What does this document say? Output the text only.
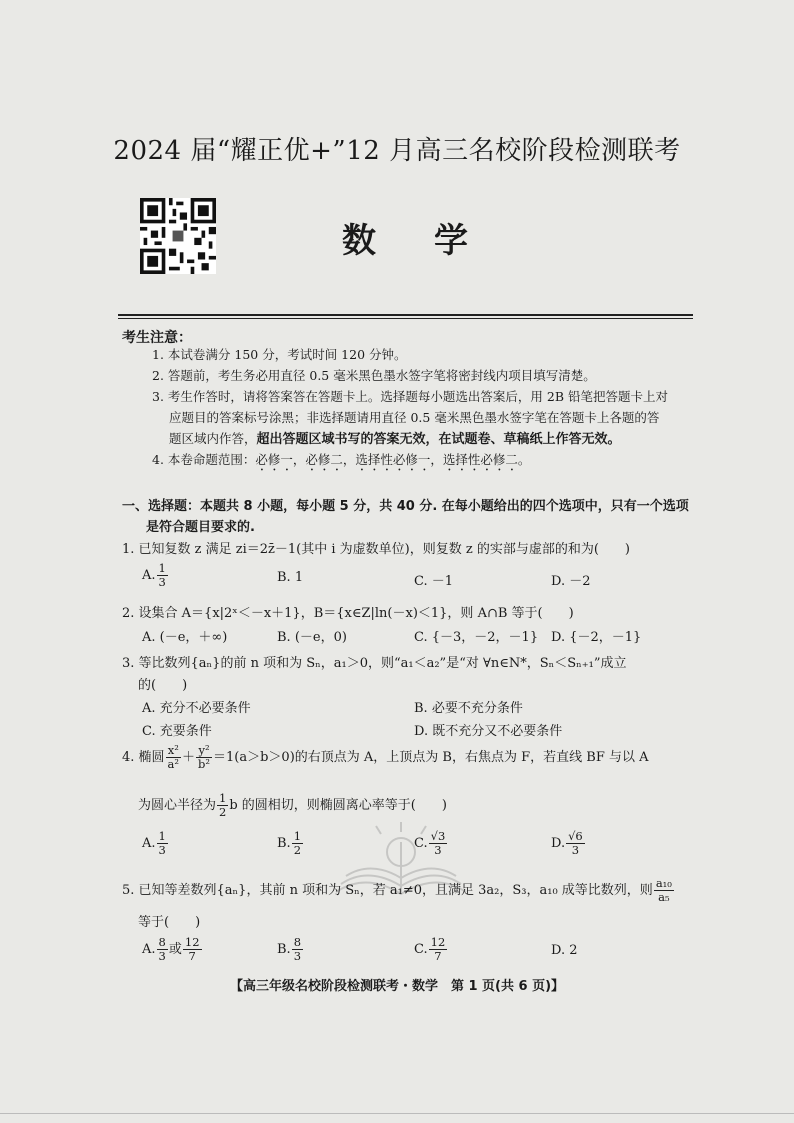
2024 届“耀正优+”12 月高三名校阶段检测联考
数学
考生注意：
1. 本试卷满分 150 分，考试时间 120 分钟。
2. 答题前，考生务必用直径 0.5 毫米黑色墨水签字笔将密封线内项目填写清楚。
3. 考生作答时，请将答案答在答题卡上。选择题每小题选出答案后，用 2B 铅笔把答题卡上对
应题目的答案标号涂黑；非选择题请用直径 0.5 毫米黑色墨水签字笔在答题卡上各题的答
题区域内作答，超出答题区域书写的答案无效，在试题卷、草稿纸上作答无效。
4. 本卷命题范围：必修一，必修二，选择性必修一，选择性必修二。
一、选择题：本题共 8 小题，每小题 5 分，共 40 分. 在每小题给出的四个选项中，只有一个选项
是符合题目要求的.
1. 已知复数 z 满足 zi＝2z̄－1(其中 i 为虚数单位)，则复数 z 的实部与虚部的和为(　　)
A. $\frac{1}{3}$	B. 1	C. －1	D. －2
2. 设集合 A＝{x|2ˣ＜－x＋1}，B＝{x∈Z|ln(－x)＜1}，则 A∩B 等于(　　)
A. (－e，＋∞)	B. (－e，0)	C. {－3，－2，－1} D. {－2，－1}
3. 等比数列{aₙ}的前 n 项和为 Sₙ，a₁＞0，则“a₁＜a₂”是“对 ∀n∈N*，Sₙ＜Sₙ₊₁”成立
的(　　)
A. 充分不必要条件	B. 必要不充分条件
C. 充要条件	D. 既不充分又不必要条件
4. 椭圆 $\frac{\text{x²}}{\text{a²}} + \frac{\text{y²}}{\text{b²}} =1(a>b>0)$的右顶点为 A，上顶点为 B，右焦点为 F，若直线 BF 与以 A
为圆心半径为 $\frac{1}{2}$ b 的圆相切，则椭圆离心率等于(　　)
A. $\frac{1}{3}$	B. $\frac{1}{2}$	C. $\frac{√3}{3}$	D. $\frac{√6}{3}$
5. 已知等差数列{aₙ}，其前 n 项和为 Sₙ，若 a₁≠0，且满足 3a₂，S₃，a₁₀ 成等比数列，则 $\frac{\text{a₁₀}}{\text{a₅}}$
等于(　　)
A. $\frac{8}{3}$ 或 $\frac{12}{7}$	B. $\frac{8}{3}$	C. $\frac{12}{7}$	D. 2
【高三年级名校阶段检测联考・数学　第 1 页(共 6 页)】
